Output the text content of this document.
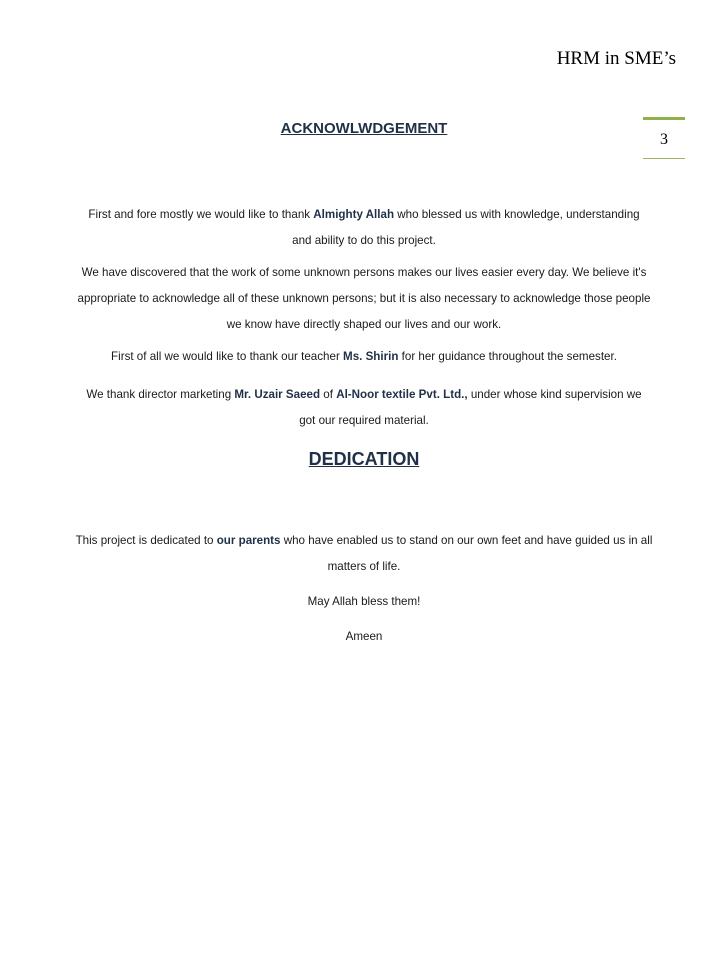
HRM in SME’s
3
ACKNOWLWDGEMENT
First and fore mostly we would like to thank Almighty Allah who blessed us with knowledge, understanding and ability to do this project.
We have discovered that the work of some unknown persons makes our lives easier every day. We believe it's appropriate to acknowledge all of these unknown persons; but it is also necessary to acknowledge those people we know have directly shaped our lives and our work.
First of all we would like to thank our teacher Ms. Shirin for her guidance throughout the semester.
We thank director marketing Mr. Uzair Saeed of Al-Noor textile Pvt. Ltd., under whose kind supervision we got our required material.
DEDICATION
This project is dedicated to our parents who have enabled us to stand on our own feet and have guided us in all matters of life.
May Allah bless them!
Ameen
